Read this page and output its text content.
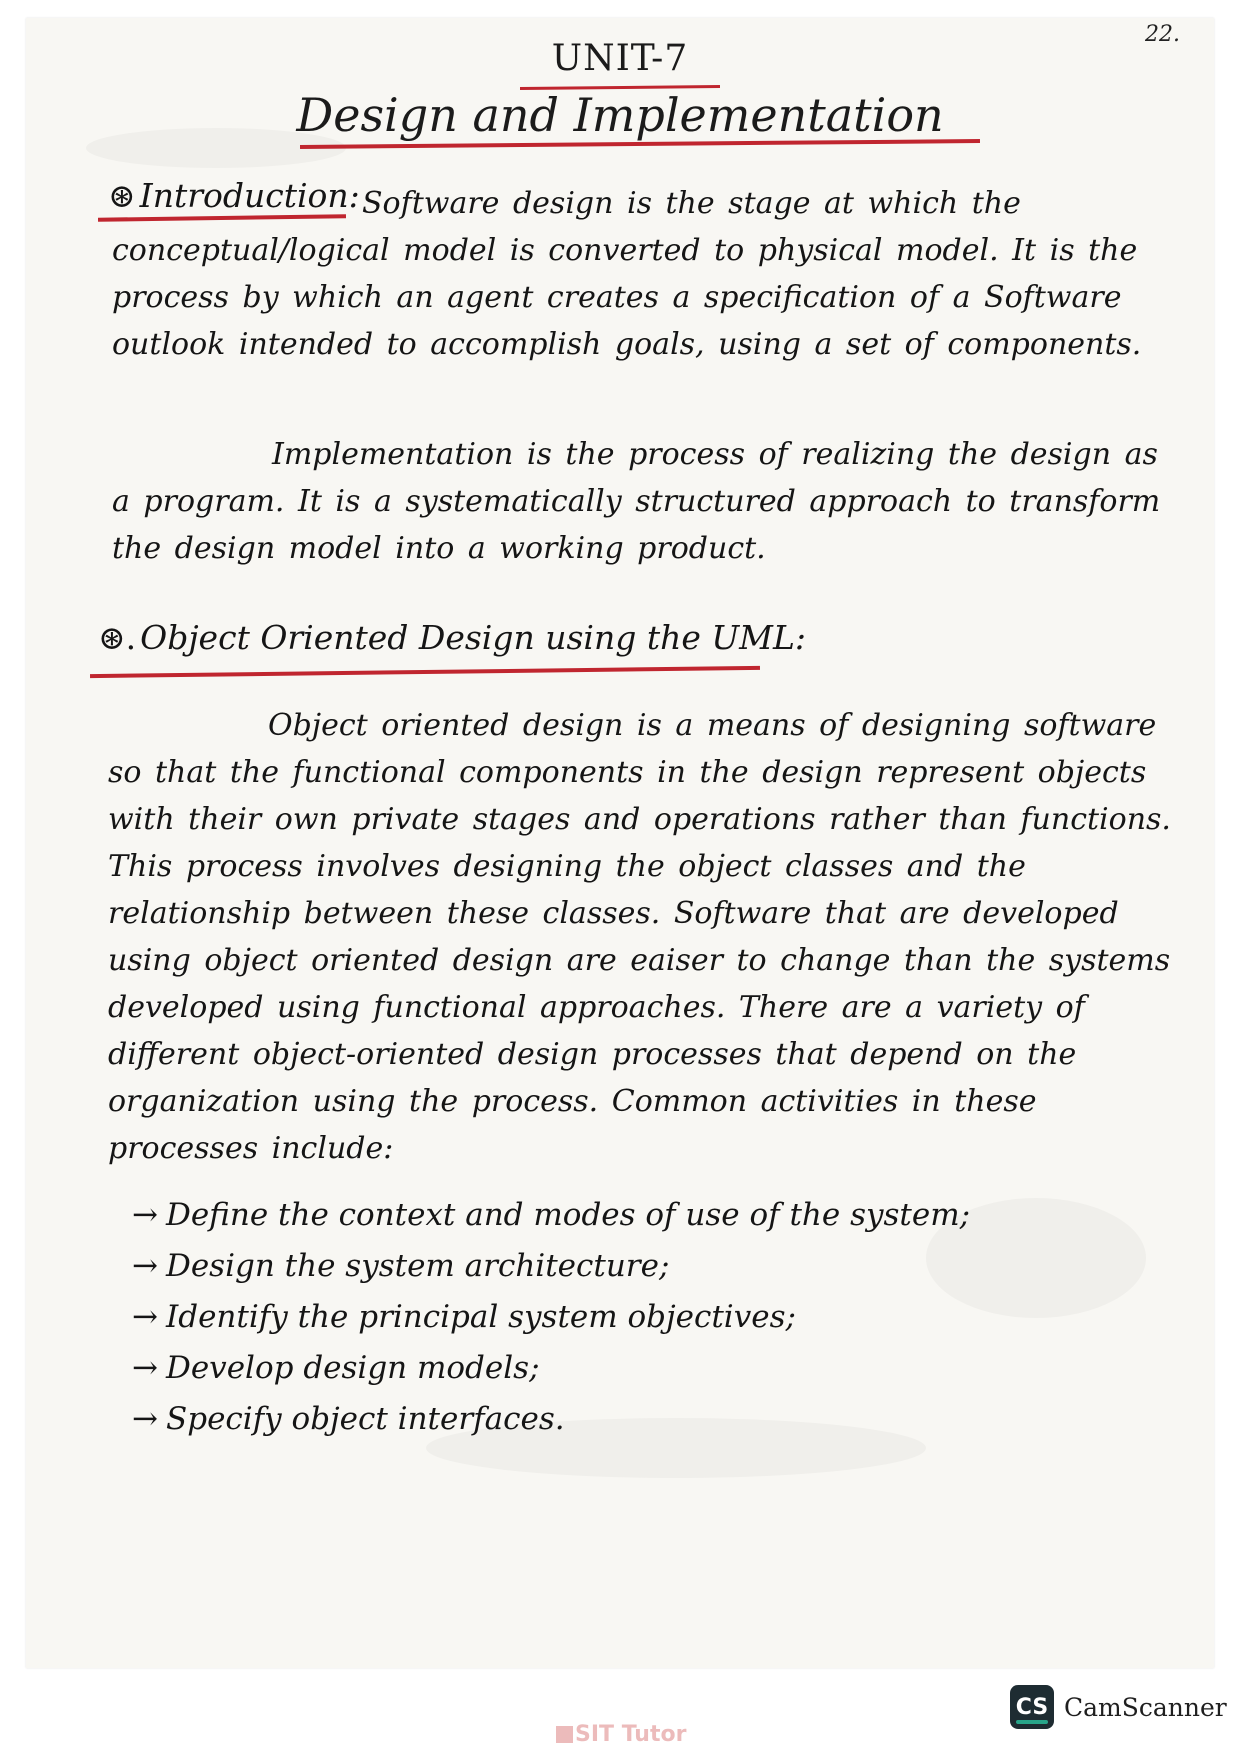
22.
UNIT-7
Design and Implementation
⊛ Introduction: Software design is the stage at which the conceptual/logical model is converted to physical model. It is the process by which an agent creates a specification of a Software outlook intended to accomplish goals, using a set of components.

Implementation is the process of realizing the design as a program. It is a systematically structured approach to transform the design model into a working product.

⊛. Object Oriented Design using the UML:

Object oriented design is a means of designing software so that the functional components in the design represent objects with their own private stages and operations rather than functions. This process involves designing the object classes and the relationship between these classes. Software that are developed using object oriented design are eaiser to change than the systems developed using functional approaches. There are a variety of different object-oriented design processes that depend on the organization using the process. Common activities in these processes include:

→ Define the context and modes of use of the system;
→ Design the system architecture;
→ Identify the principal system objectives;
→ Develop design models;
→ Specify object interfaces.
CS CamScanner
SIT Tutor
